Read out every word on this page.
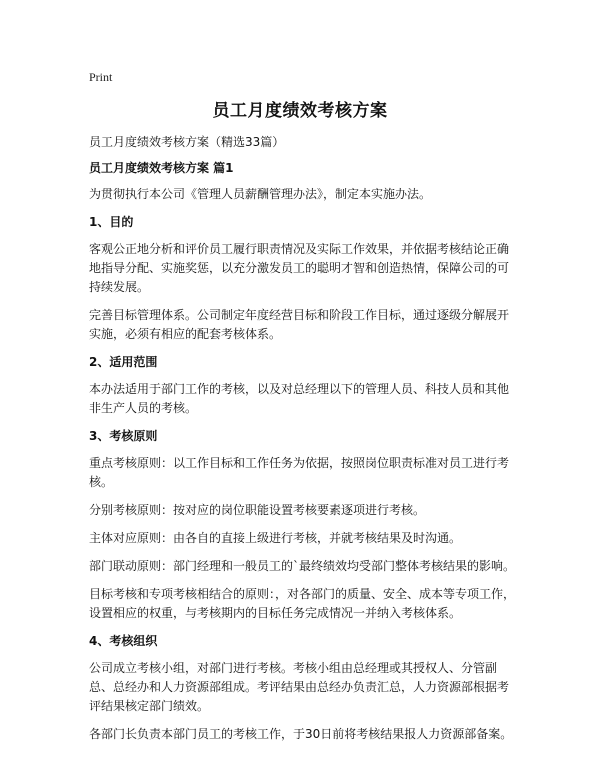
Print
员工月度绩效考核方案

员工月度绩效考核方案（精选33篇）

员工月度绩效考核方案 篇1

为贯彻执行本公司《管理人员薪酬管理办法》，制定本实施办法。

1、目的

客观公正地分析和评价员工履行职责情况及实际工作效果，并依据考核结论正确地指导分配、实施奖惩，以充分激发员工的聪明才智和创造热情，保障公司的可持续发展。

完善目标管理体系。公司制定年度经营目标和阶段工作目标，通过逐级分解展开实施，必须有相应的配套考核体系。

2、适用范围

本办法适用于部门工作的考核，以及对总经理以下的管理人员、科技人员和其他非生产人员的考核。

3、考核原则

重点考核原则：以工作目标和工作任务为依据，按照岗位职责标准对员工进行考核。

分别考核原则：按对应的岗位职能设置考核要素逐项进行考核。

主体对应原则：由各自的直接上级进行考核，并就考核结果及时沟通。

部门联动原则：部门经理和一般员工的`最终绩效均受部门整体考核结果的影响。

目标考核和专项考核相结合的原则：，对各部门的质量、安全、成本等专项工作，设置相应的权重，与考核期内的目标任务完成情况一并纳入考核体系。

4、考核组织

公司成立考核小组，对部门进行考核。考核小组由总经理或其授权人、分管副总、总经办和人力资源部组成。考评结果由总经办负责汇总，人力资源部根据考评结果核定部门绩效。

各部门长负责本部门员工的考核工作，于30日前将考核结果报人力资源部备案。
